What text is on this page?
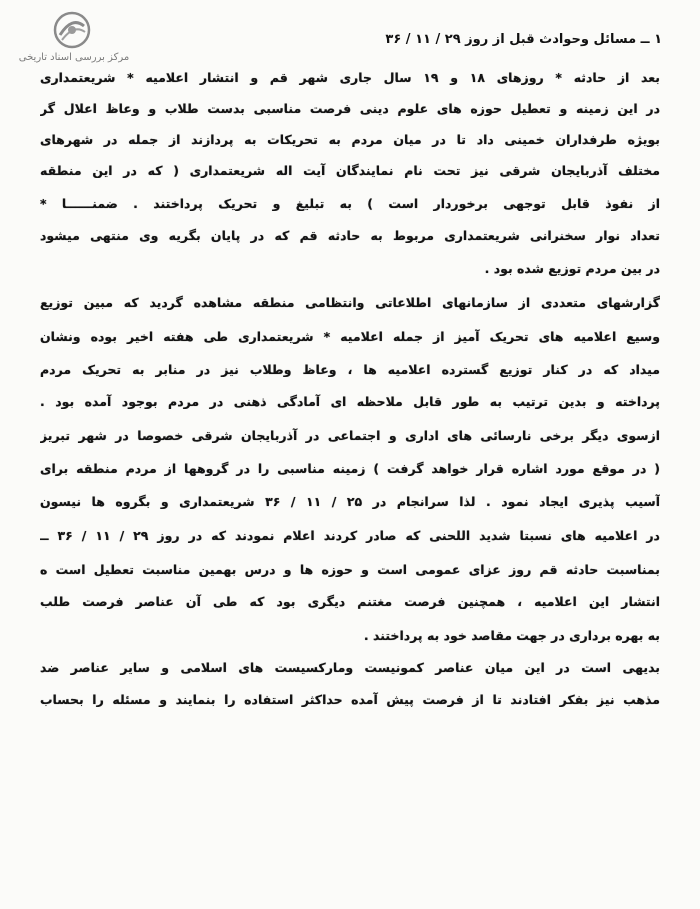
مرکز بررسی اسناد تاریخی
۱ ــ مسائل وحوادث قبل از روز ۲۹ / ۱۱ / ۳۶
بعد از حادثه * روزهای ۱۸ و ۱۹ سال جاری شهر قم و انتشار اعلامیه * شریعتمداری
در این زمینه و تعطیل حوزه های علوم دینی فرصت مناسبی بدست طلاب و وعاظ اعلال گر
بویژه طرفداران خمینی داد تا در میان مردم به تحریکات به پردازند از جمله در شهرهای
مختلف آذربایجان شرقی نیز تحت نام نمایندگان آیت اله شریعتمداری ( که در این منطقه
از نفوذ قابل توجهی برخوردار است ) به تبلیغ و تحریک پرداختند . ضمنــــــا *
تعداد نوار سخنرانی شریعتمداری مربوط به حادثه قم که در پایان بگریه وی منتهی میشود
در بین مردم توزیع شده بود .
گزارشهای متعددی از سازمانهای اطلاعاتی وانتظامی منطقه مشاهده گردید که مبین توزیع
وسیع اعلامیه های تحریک آمیز از جمله اعلامیه * شریعتمداری طی هفته اخیر بوده ونشان
میداد که در کنار توزیع گسترده اعلامیه ها ، وعاظ وطلاب نیز در منابر به تحریک مردم
پرداخته و بدین ترتیب به طور قابل ملاحظه ای آمادگی ذهنی در مردم بوجود آمده بود .
ازسوی دیگر برخی نارسائی های اداری و اجتماعی در آذربایجان شرقی خصوصا در شهر تبریز
( در موقع مورد اشاره قرار خواهد گرفت ) زمینه مناسبی را در گروهها از مردم منطقه برای
آسیب پذیری ایجاد نمود . لذا سرانجام در ۲۵ / ۱۱ / ۳۶ شریعتمداری و بگروه ها نیسون
در اعلامیه های نسبتا شدید اللحنی که صادر کردند اعلام نمودند که در روز ۲۹ / ۱۱ / ۳۶ ــ
بمناسبت حادثه قم روز عزای عمومی است و حوزه ها و درس بهمین مناسبت تعطیل است ه
انتشار این اعلامیه ، همچنین فرصت مغتنم دیگری بود که طی آن عناصر فرصت طلب
به بهره برداری در جهت مقاصد خود به پرداختند .
بدیهی است در این میان عناصر کمونیست ومارکسیست های اسلامی و سایر عناصر ضد
مذهب نیز بفکر افتادند تا از فرصت پیش آمده حداکثر استفاده را بنمایند و مسئله را بحساب
